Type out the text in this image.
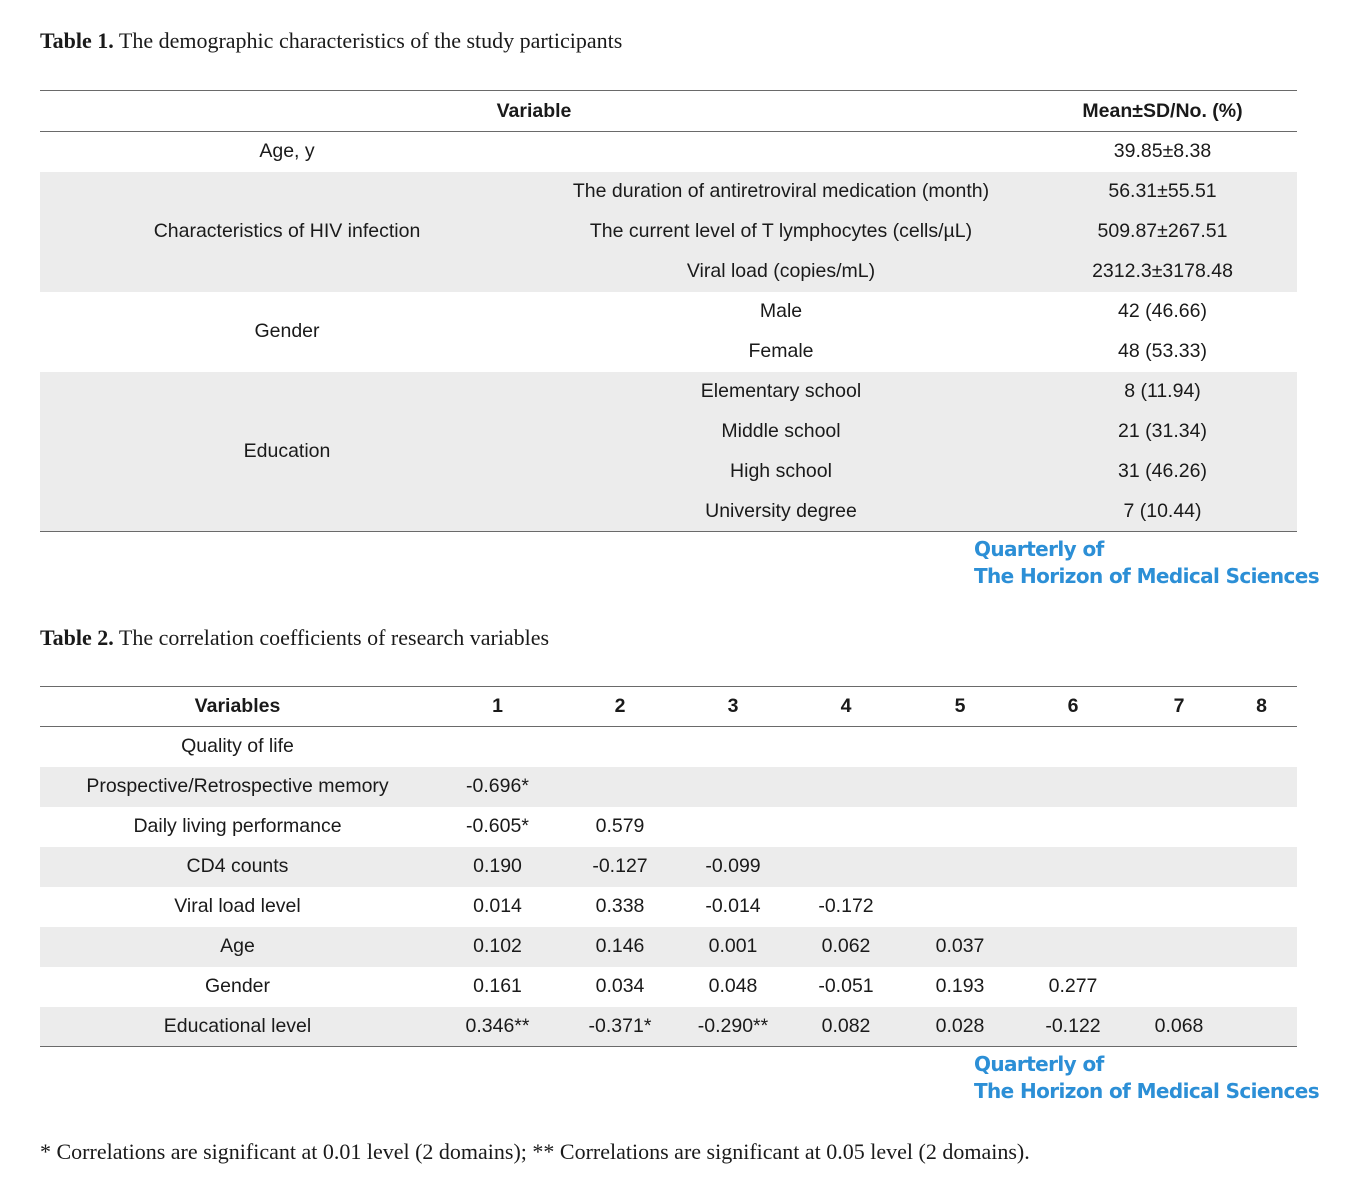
Table 1. The demographic characteristics of the study participants
Variable		Mean±SD/No. (%)
Age, y		39.85±8.38
Characteristics of HIV infection	The duration of antiretroviral medication (month)	56.31±55.51
	The current level of T lymphocytes (cells/µL)	509.87±267.51
	Viral load (copies/mL)	2312.3±3178.48
Gender	Male	42 (46.66)
	Female	48 (53.33)
Education	Elementary school	8 (11.94)
	Middle school	21 (31.34)
	High school	31 (46.26)
	University degree	7 (10.44)
Quarterly of
The Horizon of Medical Sciences
Table 2. The correlation coefficients of research variables
Variables	1	2	3	4	5	6	7	8
Quality of life								
Prospective/Retrospective memory	-0.696*							
Daily living performance	-0.605*	0.579						
CD4 counts	0.190	-0.127	-0.099					
Viral load level	0.014	0.338	-0.014	-0.172				
Age	0.102	0.146	0.001	0.062	0.037			
Gender	0.161	0.034	0.048	-0.051	0.193	0.277		
Educational level	0.346**	-0.371*	-0.290**	0.082	0.028	-0.122	0.068	
Quarterly of
The Horizon of Medical Sciences
* Correlations are significant at 0.01 level (2 domains); ** Correlations are significant at 0.05 level (2 domains).
